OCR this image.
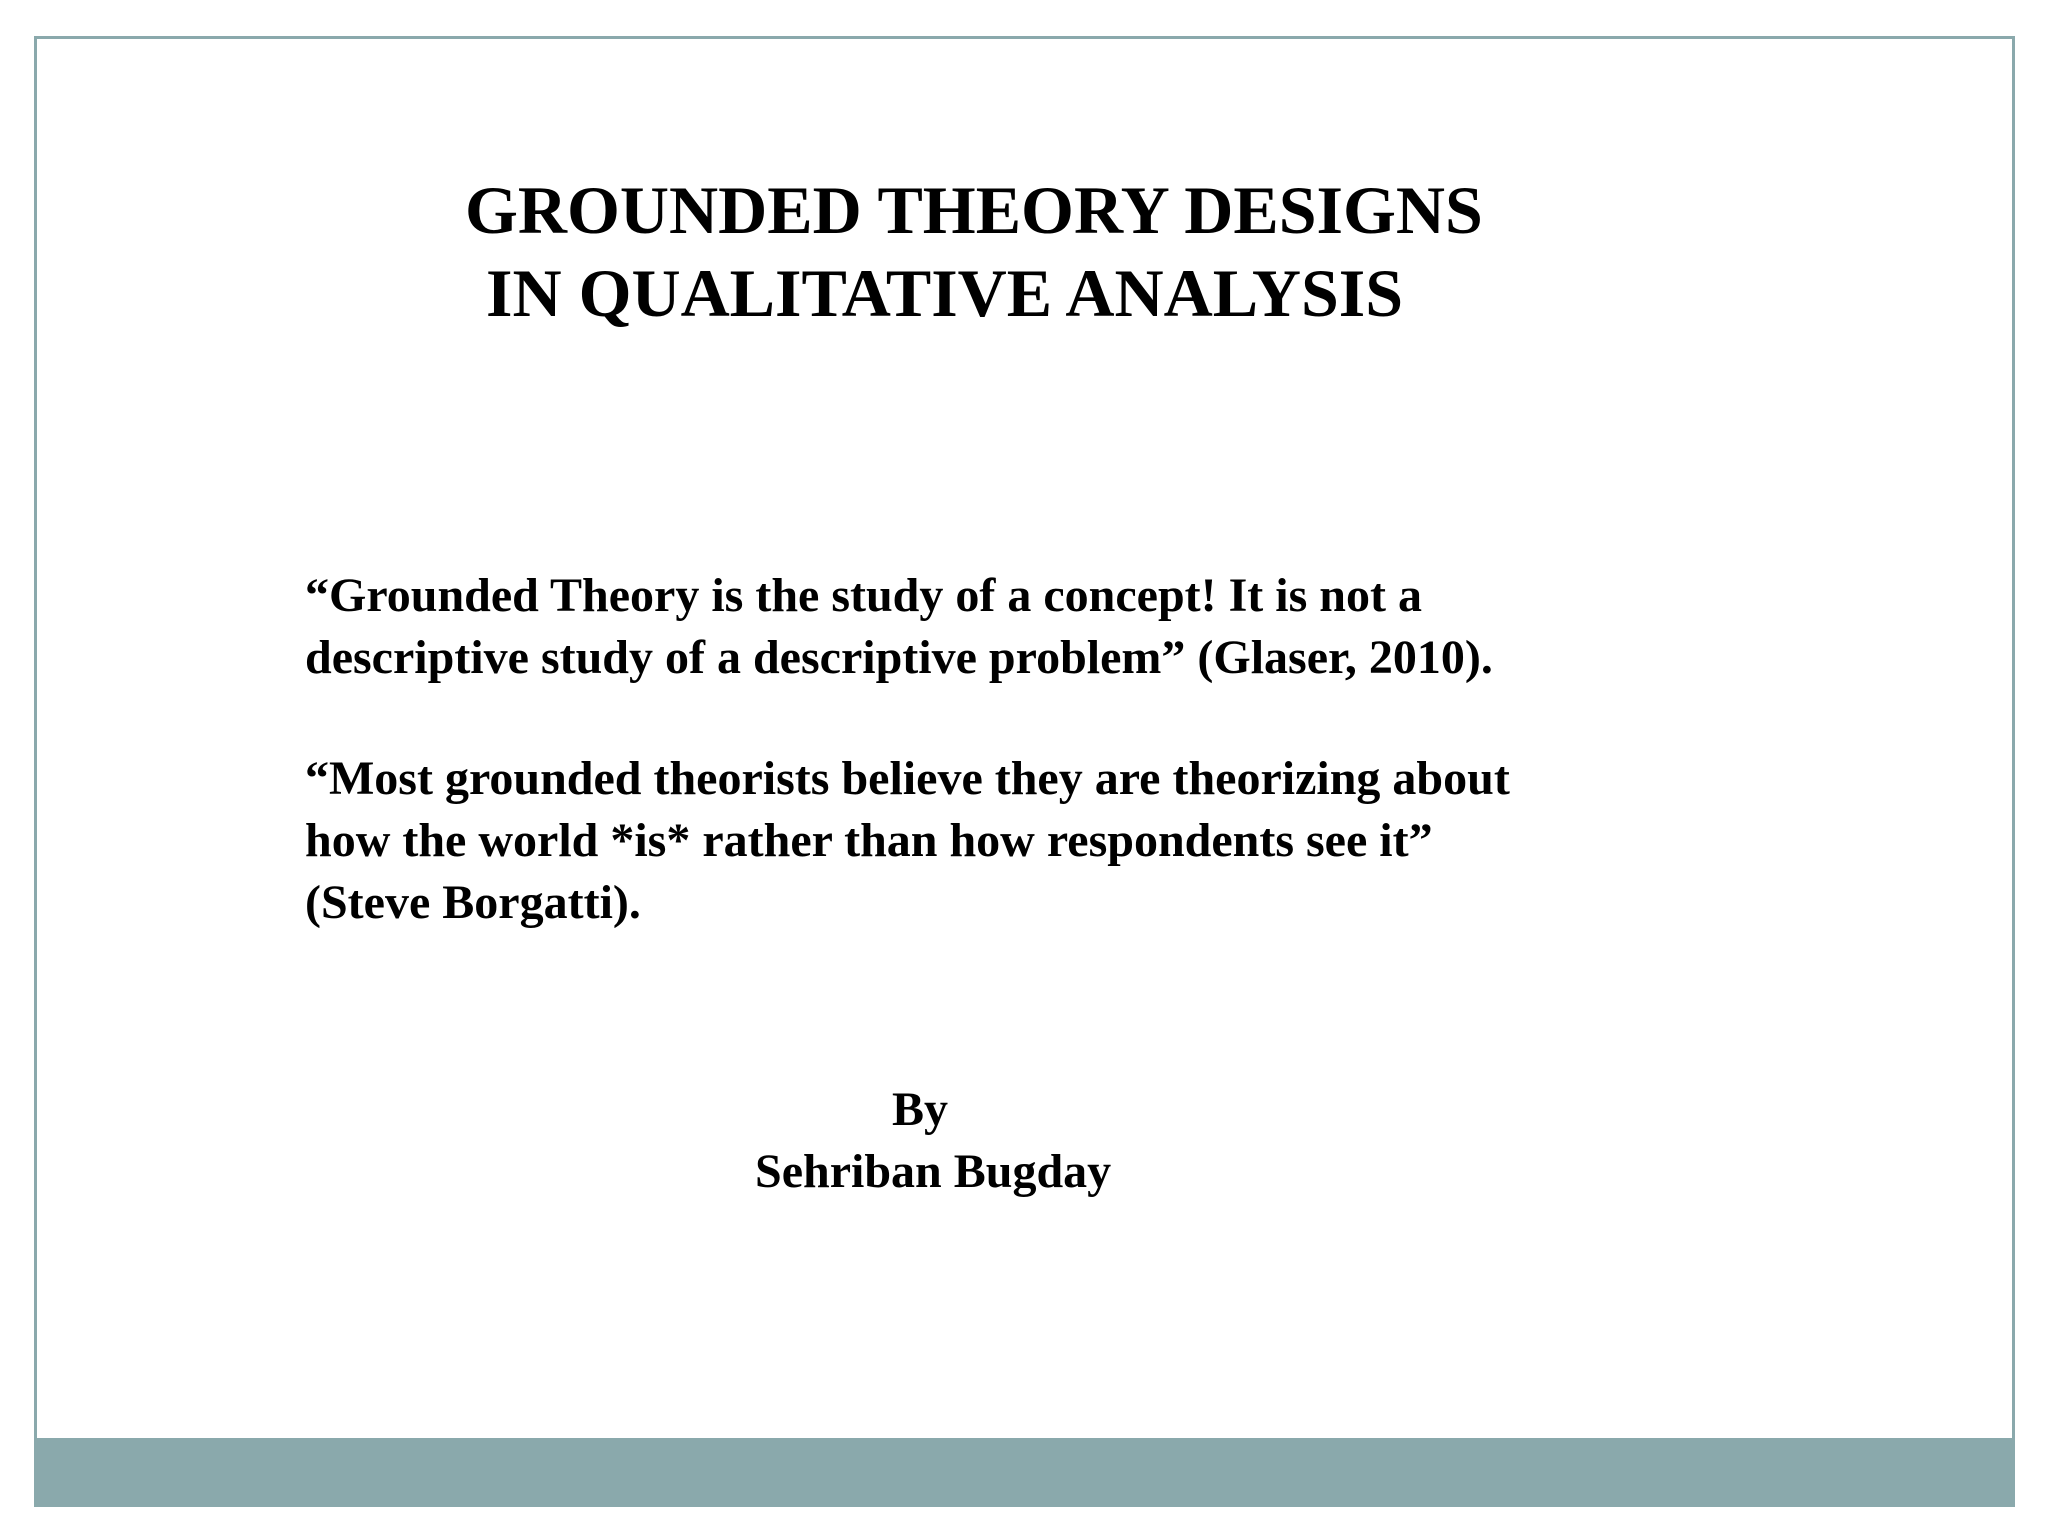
GROUNDED THEORY DESIGNS
IN QUALITATIVE ANALYSIS

“Grounded Theory is the study of a concept! It is not a
descriptive study of a descriptive problem” (Glaser, 2010).

“Most grounded theorists believe they are theorizing about
how the world *is* rather than how respondents see it”
(Steve Borgatti).

By

Sehriban Bugday
